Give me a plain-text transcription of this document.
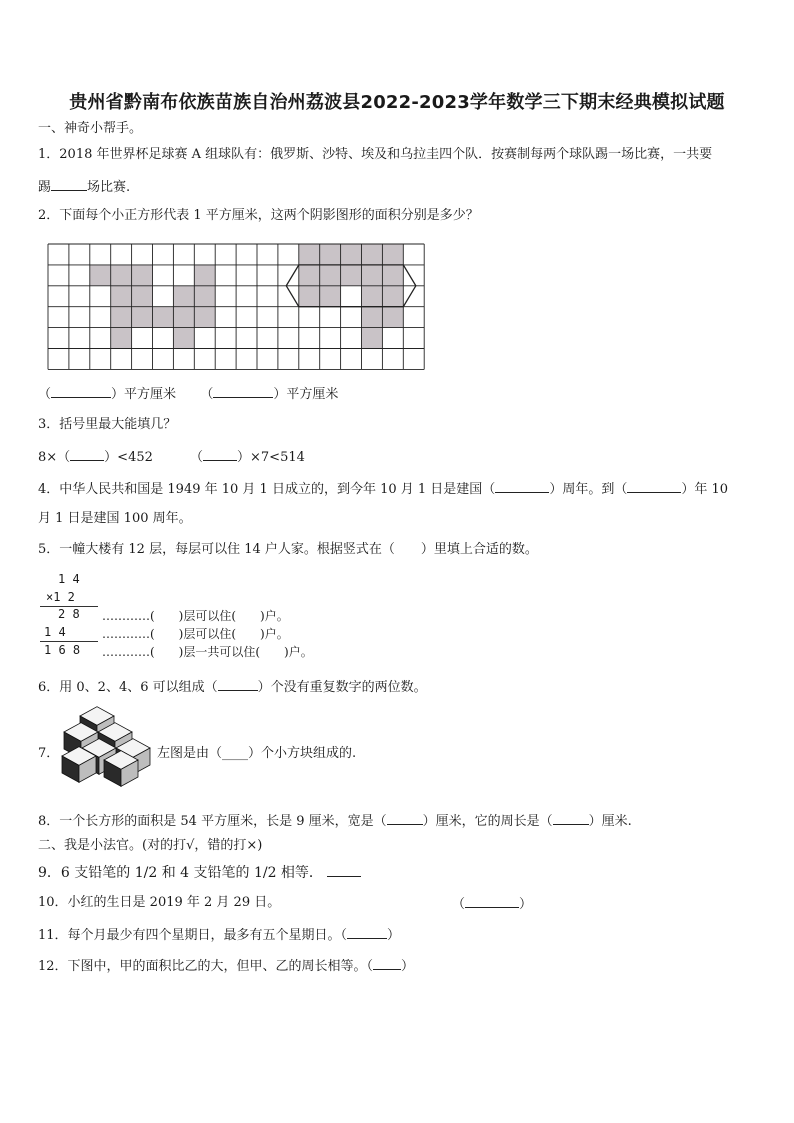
贵州省黔南布依族苗族自治州荔波县2022-2023学年数学三下期末经典模拟试题
一、神奇小帮手。
1．2018 年世界杯足球赛 A 组球队有：俄罗斯、沙特、埃及和乌拉圭四个队．按赛制每两个球队踢一场比赛，一共要
踢	场比赛.
2．下面每个小正方形代表 1 平方厘米，这两个阴影图形的面积分别是多少？
（	）平方厘米  （	）平方厘米
3．括号里最大能填几？
8×（	）<452	（	）×7<514
4．中华人民共和国是 1949 年 10 月 1 日成立的，到今年 10 月 1 日是建国（	）周年。到（	）年 10
月 1 日是建国 100 周年。
5．一幢大楼有 12 层，每层可以住 14 户人家。根据竖式在（　　）里填上合适的数。
1 4
×1 2
2 8
1 4
1 6 8
…………(　　)层可以住(　　)户。
…………(　　)层可以住(　　)户。
…………(　　)层一共可以住(　　)户。
6．用 0、2、4、6 可以组成（	）个没有重复数字的两位数。
7．	左图是由（____）个小方块组成的.
8．一个长方形的面积是 54 平方厘米，长是 9 厘米，宽是（	）厘米，它的周长是（	）厘米.
二、我是小法官。(对的打√，错的打×)
9．6 支铅笔的 1/2 和 4 支铅笔的 1/2 相等．
10．小红的生日是 2019 年 2 月 29 日。	（	）
11．每个月最少有四个星期日，最多有五个星期日。（	）
12．下图中，甲的面积比乙的大，但甲、乙的周长相等。（ ）
